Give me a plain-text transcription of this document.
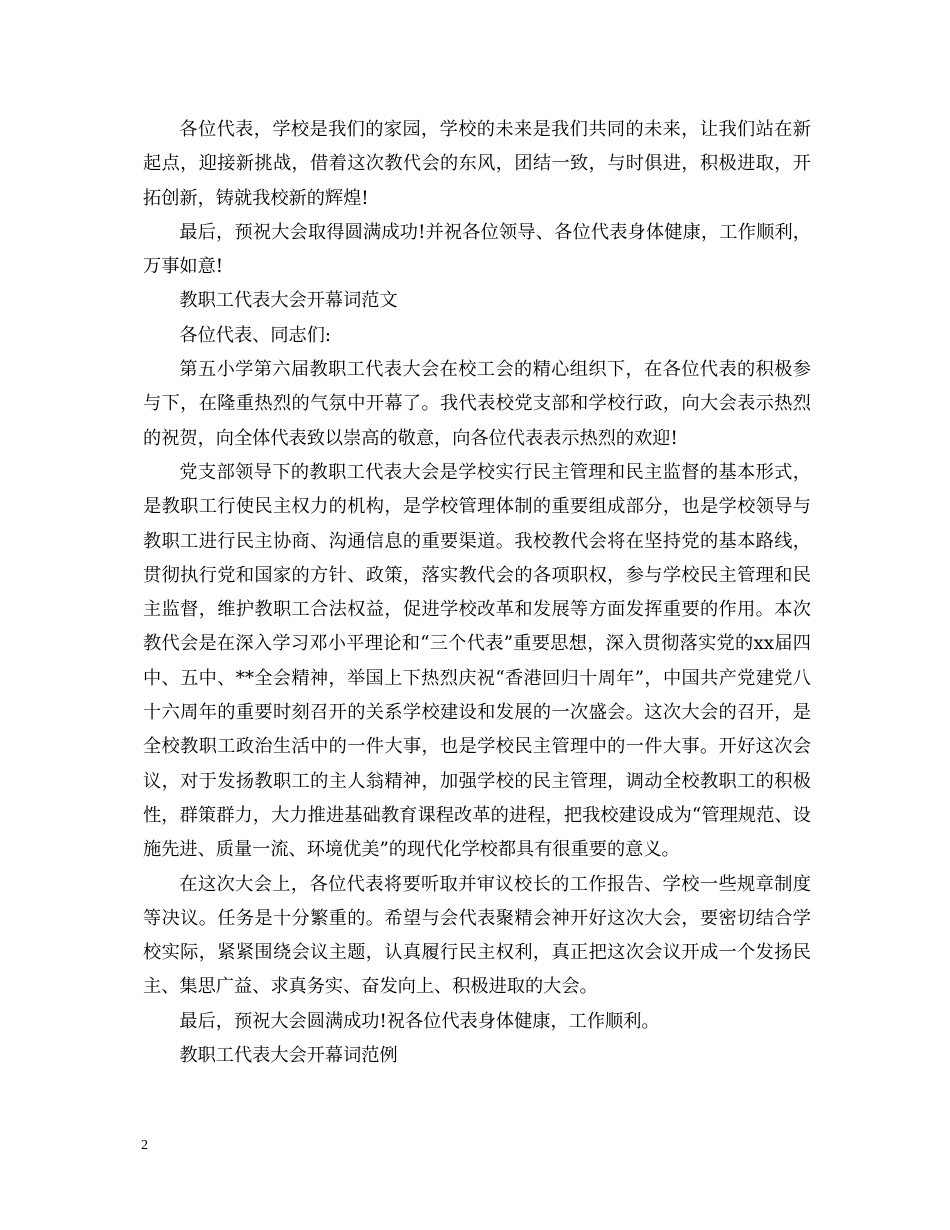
各位代表，学校是我们的家园，学校的未来是我们共同的未来，让我们站在新起点，迎接新挑战，借着这次教代会的东风，团结一致，与时俱进，积极进取，开拓创新，铸就我校新的辉煌!

最后，预祝大会取得圆满成功!并祝各位领导、各位代表身体健康，工作顺利，万事如意!

教职工代表大会开幕词范文

各位代表、同志们:

第五小学第六届教职工代表大会在校工会的精心组织下，在各位代表的积极参与下，在隆重热烈的气氛中开幕了。我代表校党支部和学校行政，向大会表示热烈的祝贺，向全体代表致以崇高的敬意，向各位代表表示热烈的欢迎!

党支部领导下的教职工代表大会是学校实行民主管理和民主监督的基本形式，是教职工行使民主权力的机构，是学校管理体制的重要组成部分，也是学校领导与教职工进行民主协商、沟通信息的重要渠道。我校教代会将在坚持党的基本路线，贯彻执行党和国家的方针、政策，落实教代会的各项职权，参与学校民主管理和民主监督，维护教职工合法权益，促进学校改革和发展等方面发挥重要的作用。本次教代会是在深入学习邓小平理论和“三个代表”重要思想，深入贯彻落实党的xx届四中、五中、**全会精神，举国上下热烈庆祝“香港回归十周年”，中国共产党建党八十六周年的重要时刻召开的关系学校建设和发展的一次盛会。这次大会的召开，是全校教职工政治生活中的一件大事，也是学校民主管理中的一件大事。开好这次会议，对于发扬教职工的主人翁精神，加强学校的民主管理，调动全校教职工的积极性，群策群力，大力推进基础教育课程改革的进程，把我校建设成为“管理规范、设施先进、质量一流、环境优美”的现代化学校都具有很重要的意义。

在这次大会上，各位代表将要听取并审议校长的工作报告、学校一些规章制度等决议。任务是十分繁重的。希望与会代表聚精会神开好这次大会，要密切结合学校实际，紧紧围绕会议主题，认真履行民主权利，真正把这次会议开成一个发扬民主、集思广益、求真务实、奋发向上、积极进取的大会。

最后，预祝大会圆满成功!祝各位代表身体健康，工作顺利。

教职工代表大会开幕词范例

2
